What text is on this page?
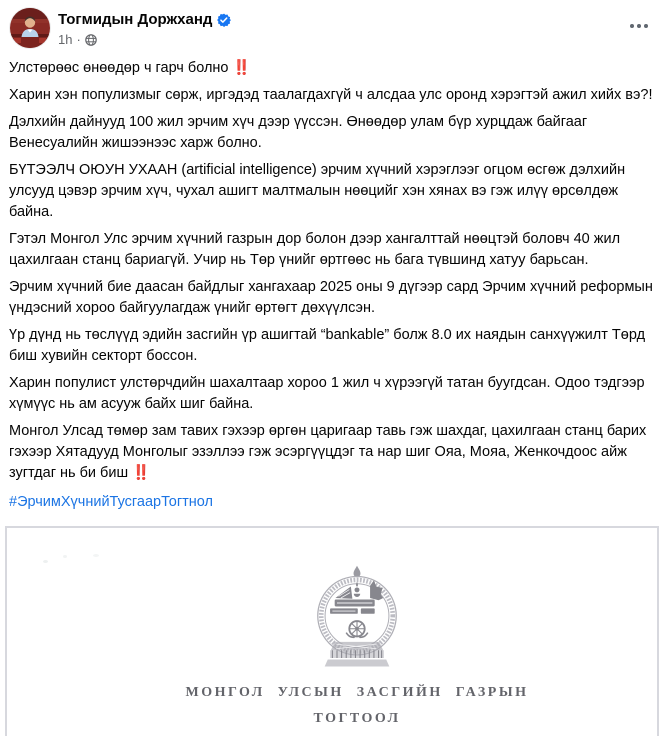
Тогмидын Доржханд
1h ·

Улстөрөөс өнөөдөр ч гарч болно ‼️

Харин хэн популизмыг сөрж, иргэдэд таалагдахгүй ч алсдаа улс оронд хэрэгтэй ажил хийх вэ?!

Дэлхийн дайнууд 100 жил эрчим хүч дээр үүссэн. Өнөөдөр улам бүр хурцдаж байгааг Венесуалийн жишээнээс харж болно.

БҮТЭЭЛЧ ОЮУН УХААН (artificial intelligence) эрчим хүчний хэрэглээг огцом өсгөж дэлхийн улсууд цэвэр эрчим хүч, чухал ашигт малтмалын нөөцийг хэн хянах вэ гэж илүү өрсөлдөж байна.

Гэтэл Монгол Улс эрчим хүчний газрын дор болон дээр хангалттай нөөцтэй боловч 40 жил цахилгаан станц бариагүй. Учир нь Төр үнийг өртгөөс нь бага түвшинд хатуу барьсан.

Эрчим хүчний бие даасан байдлыг хангахаар 2025 оны 9 дүгээр сард Эрчим хүчний реформын үндэсний хороо байгуулагдаж үнийг өртөгт дөхүүлсэн.

Үр дүнд нь төслүүд эдийн засгийн үр ашигтай “bankable” болж 8.0 их наядын санхүүжилт Төрд биш хувийн секторт боссон.

Харин популист улстөрчдийн шахалтаар хороо 1 жил ч хүрээгүй татан буугдсан. Одоо тэдгээр хүмүүс нь ам асууж байх шиг байна.

Монгол Улсад төмөр зам тавих гэхээр өргөн царигаар тавь гэж шахдаг, цахилгаан станц барих гэхээр Хятадууд Монголыг эзэллээ гэж эсэргүүцдэг та нар шиг Ояа, Мояа, Женкочдоос айж зугтдаг нь би биш ‼️

#ЭрчимХүчнийТусгаарТогтнол
МОНГОЛ УЛСЫН ЗАСГИЙН ГАЗРЫН
ТОГТООЛ
